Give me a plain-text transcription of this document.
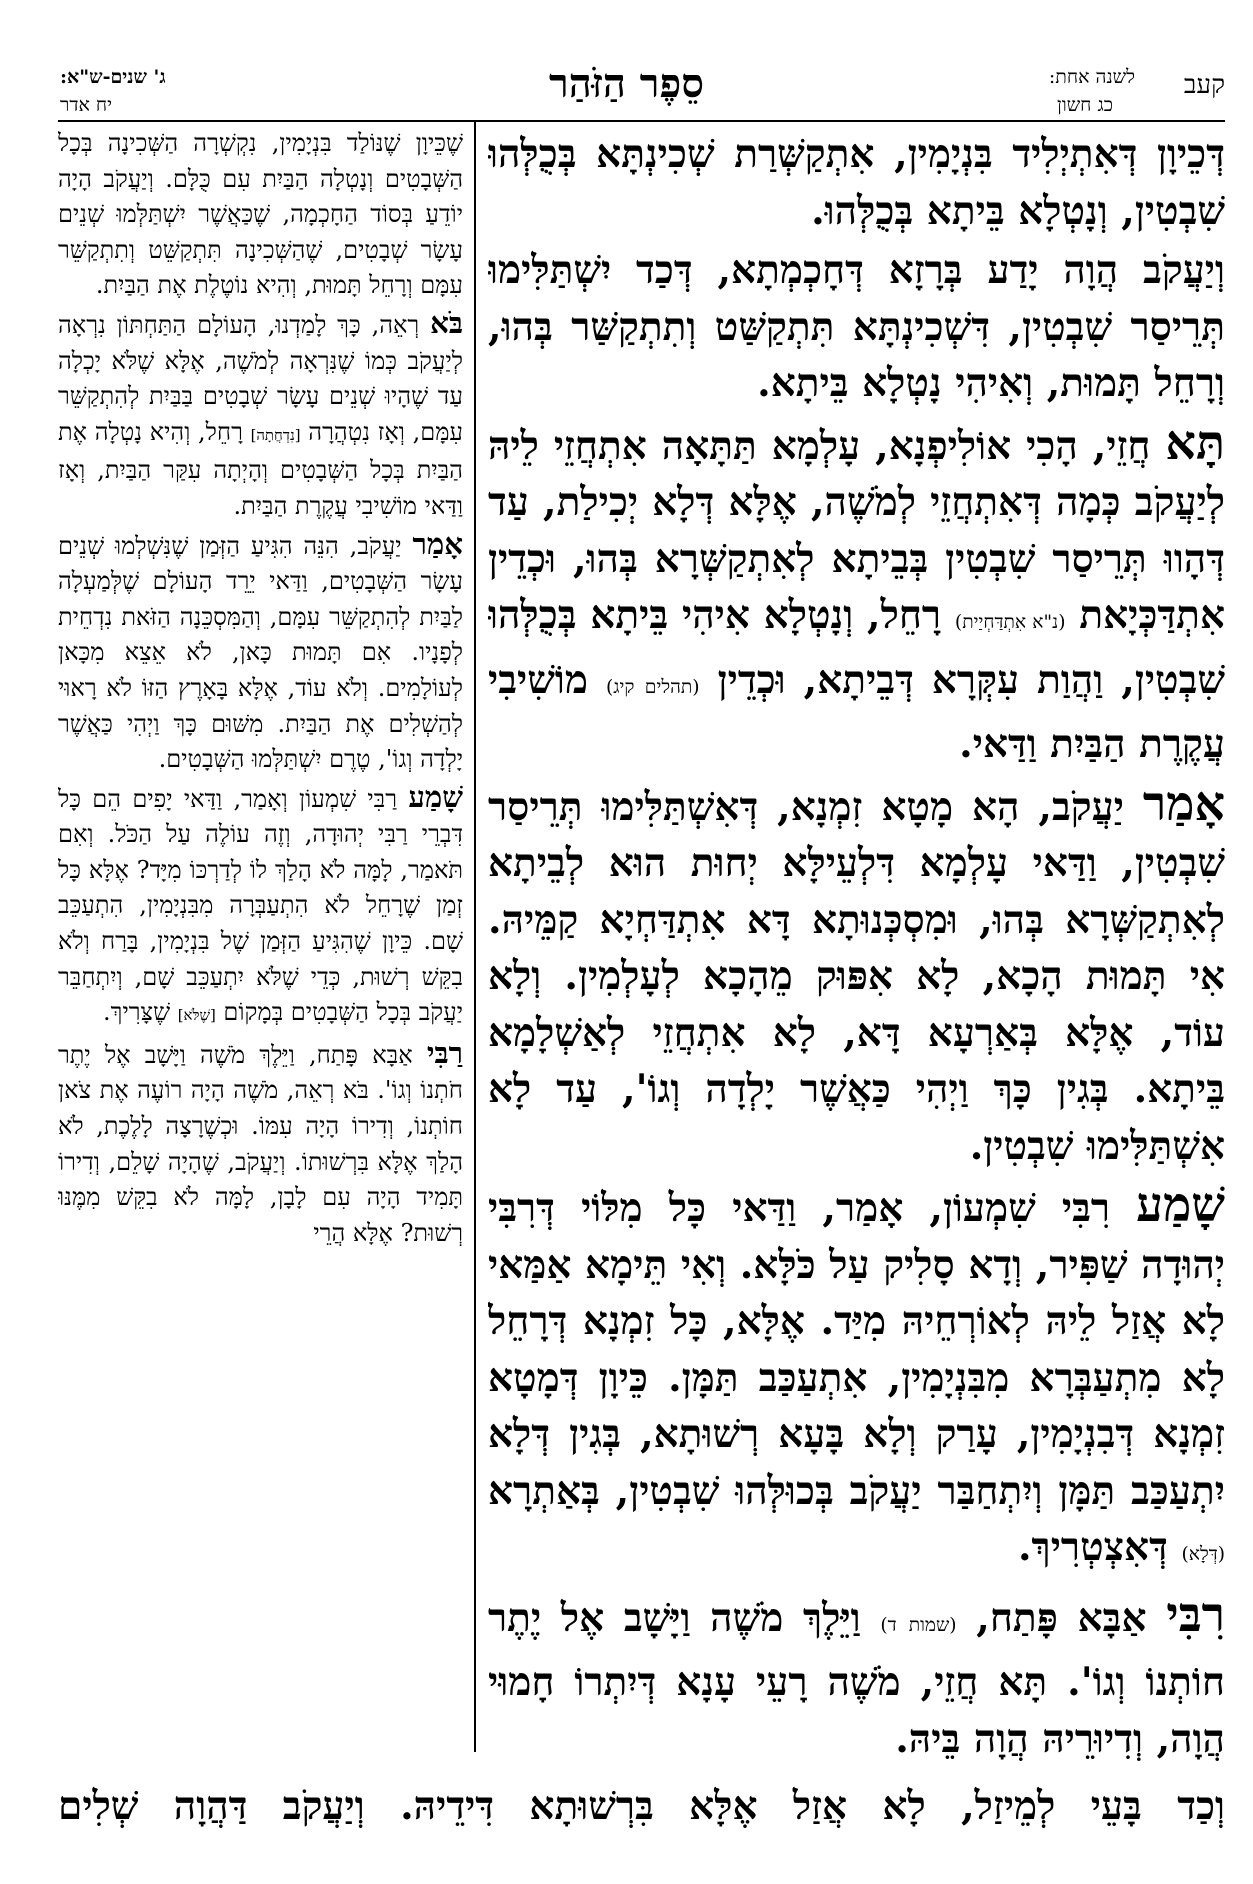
קעב
לשנה אחת:
כג חשון
סֵפֶר הַזֹּהַר
ג' שנים-ש"א:
יח אדר

דְּכֵיוָן דְּאִתְיְלִיד בִּנְיָמִין, אִתְקַשְּׁרַת שְׁכִינְתָּא בְּכֻלְּהוּ שִׁבְטִין, וְנָטְלָא בֵּיתָא בְּכֻלְּהוּ.

וְיַעֲקֹב הֲוָה יָדַע בְּרָזָא דְּחָכְמְתָא, דְּכַד יִשְׁתַּלִּימוּ תְּרֵיסַר שִׁבְטִין, דִּשְׁכִינְתָּא תִּתְקַשַּׁט וְתִתְקַשַּׁר בְּהוּ, וְרָחֵל תָּמוּת, וְאִיהִי נָטְלָא בֵּיתָא.

תָּא חֲזֵי, הָכִי אוֹלִיפְנָא, עָלְמָא תַּתָּאָה אִתְחֲזֵי לֵיהּ לְיַעֲקֹב כְּמָה דְּאִתְחֲזֵי לְמֹשֶׁה, אֶלָּא דְּלָא יְכִילַת, עַד דְּהָווּ תְּרֵיסַר שִׁבְטִין בְּבֵיתָא לְאִתְקַשְּׁרָא בְּהוּ, וּכְדֵין אִתְדַּכְּיָאת (נ"א אִתְדַּחְיַית) רָחֵל, וְנָטְלָא אִיהִי בֵּיתָא בְּכֻלְּהוּ שִׁבְטִין, וַהֲוַת עִקְּרָא דְּבֵיתָא, וּכְדֵין (תהלים קיג) מוֹשִׁיבִי עֲקֶרֶת הַבַּיִת וַדַּאי.

אָמַר יַעֲקֹב, הָא מָטָא זִמְנָא, דְּאִשְׁתַּלִּימוּ תְּרֵיסַר שִׁבְטִין, וַדַּאי עָלְמָא דִּלְעֵילָּא יְחוּת הוּא לְבֵיתָא לְאִתְקַשְּׁרָא בְּהוּ, וּמִסְכְּנוּתָא דָּא אִתְדַּחְיָא קַמֵּיהּ. אִי תָּמוּת הָכָא, לָא אִפּוּק מֵהָכָא לְעָלְמִין. וְלָא עוֹד, אֶלָּא בְּאַרְעָא דָּא, לָא אִתְחֲזֵי לְאַשְׁלָמָא בֵּיתָא. בְּגִין כָּךְ וַיְהִי כַּאֲשֶׁר יָלְדָה וְגוֹ', עַד לָא אִשְׁתַּלִּימוּ שִׁבְטִין.

שָׁמַע רִבִּי שִׁמְעוֹן, אָמַר, וַדַּאי כָּל מִלּוֹי דְּרִבִּי יְהוּדָה שַׁפִּיר, וְדָא סָלִיק עַל כֹּלָּא. וְאִי תֵּימָא אַמַּאי לָא אֲזַל לֵיהּ לְאוֹרְחֵיהּ מִיַּד. אֶלָּא, כָּל זִמְנָא דְּרָחֵל לָא מִתְעַבְּרָא מִבִּנְיָמִין, אִתְעַכַּב תַּמָּן. כֵּיוָן דְּמָטָא זִמְנָא דְּבִנְיָמִין, עָרַק וְלָא בָּעָא רְשׁוּתָא, בְּגִין דְּלָא יִתְעַכַּב תַּמָּן וְיִתְחַבַּר יַעֲקֹב בְּכוּלְּהוּ שִׁבְטִין, בְּאַתְרָא (דְּלָא) דְּאִצְטְרִיךְ.

רִבִּי אַבָּא פָּתַח, (שמות ד) וַיֵּלֶךְ מֹשֶׁה וַיָּשָׁב אֶל יֶתֶר חוֹתְנוֹ וְגוֹ'. תָּא חֲזֵי, מֹשֶׁה רָעֵי עָנָא דְּיִתְרוֹ חָמוּי הֲוָה, וְדִיוּרֵיהּ הֲוָה בֵּיהּ.

שֶׁכֵּיוָן שֶׁנּוֹלַד בִּנְיָמִין, נִקְשְׁרָה הַשְּׁכִינָה בְּכָל הַשְּׁבָטִים וְנָטְלָה הַבַּיִת עִם כֻּלָּם. וְיַעֲקֹב הָיָה יוֹדֵעַ בְּסוֹד הַחָכְמָה, שֶׁכַּאֲשֶׁר יִשְׁתַּלְּמוּ שְׁנֵים עָשָׂר שְׁבָטִים, שֶׁהַשְּׁכִינָה תִּתְקַשֵּׁט וְתִתְקַשֵּׁר עִמָּם וְרָחֵל תָּמוּת, וְהִיא נוֹטֶלֶת אֶת הַבַּיִת.

בֹּא רְאֵה, כָּךְ לָמַדְנוּ, הָעוֹלָם הַתַּחְתּוֹן נִרְאָה לְיַעֲקֹב כְּמוֹ שֶׁנִּרְאָה לְמֹשֶׁה, אֶלָּא שֶׁלֹּא יָכְלָה עַד שֶׁהָיוּ שְׁנֵים עָשָׂר שְׁבָטִים בַּבַּיִת לְהִתְקַשֵּׁר עִמָּם, וְאָז נִטְהֲרָה [נִדְחֲתָה] רָחֵל, וְהִיא נָטְלָה אֶת הַבַּיִת בְּכָל הַשְּׁבָטִים וְהָיְתָה עִקַּר הַבַּיִת, וְאָז וַדַּאי מוֹשִׁיבִי עֲקֶרֶת הַבַּיִת.

אָמַר יַעֲקֹב, הִנֵּה הִגִּיעַ הַזְּמַן שֶׁנִּשְׁלְמוּ שְׁנֵים עָשָׂר הַשְּׁבָטִים, וַדַּאי יֵרֵד הָעוֹלָם שֶׁלְּמַעְלָה לַבַּיִת לְהִתְקַשֵּׁר עִמָּם, וְהַמִּסְכֵּנָה הַזֹּאת נִדְחֵית לְפָנָיו. אִם תָּמוּת כָּאן, לֹא אֵצֵא מִכָּאן לְעוֹלָמִים. וְלֹא עוֹד, אֶלָּא בָּאָרֶץ הַזּוֹ לֹא רָאוּי לְהַשְׁלִים אֶת הַבַּיִת. מִשּׁוּם כָּךְ וַיְהִי כַּאֲשֶׁר יָלְדָה וְגוֹ', טֶרֶם יִשְׁתַּלְּמוּ הַשְּׁבָטִים.

שָׁמַע רַבִּי שִׁמְעוֹן וְאָמַר, וַדַּאי יָפִים הֵם כָּל דִּבְרֵי רַבִּי יְהוּדָה, וְזֶה עוֹלֶה עַל הַכֹּל. וְאִם תֹּאמַר, לָמָּה לֹא הָלַךְ לוֹ לְדַרְכּוֹ מִיָּד? אֶלָּא כָּל זְמַן שֶׁרָחֵל לֹא הִתְעַבְּרָה מִבִּנְיָמִין, הִתְעַכֵּב שָׁם. כֵּיוָן שֶׁהִגִּיעַ הַזְּמַן שֶׁל בִּנְיָמִין, בָּרַח וְלֹא בִקֵּשׁ רְשׁוּת, כְּדֵי שֶׁלֹּא יִתְעַכֵּב שָׁם, וְיִתְחַבֵּר יַעֲקֹב בְּכָל הַשְּׁבָטִים בְּמָקוֹם [שֶׁלֹּא] שֶׁצָּרִיךְ.

רַבִּי אַבָּא פָּתַח, וַיֵּלֶךְ מֹשֶׁה וַיָּשָׁב אֶל יֶתֶר חֹתְנוֹ וְגוֹ'. בֹּא רְאֵה, מֹשֶׁה הָיָה רוֹעֶה אֶת צֹאן חוֹתְנוֹ, וְדִירוֹ הָיָה עִמּוֹ. וּכְשֶׁרָצָה לָלֶכֶת, לֹא הָלַךְ אֶלָּא בִּרְשׁוּתוֹ. וְיַעֲקֹב, שֶׁהָיָה שָׁלֵם, וְדִירוֹ תָּמִיד הָיָה עִם לָבָן, לָמָּה לֹא בִקֵּשׁ מִמֶּנּוּ רְשׁוּת? אֶלָּא הֲרֵי

וְכַד בָּעֵי לְמֵיזַל, לָא אֲזַל אֶלָּא בִּרְשׁוּתָא דִּידֵיהּ. וְיַעֲקֹב דַּהֲוָה שְׁלִים
